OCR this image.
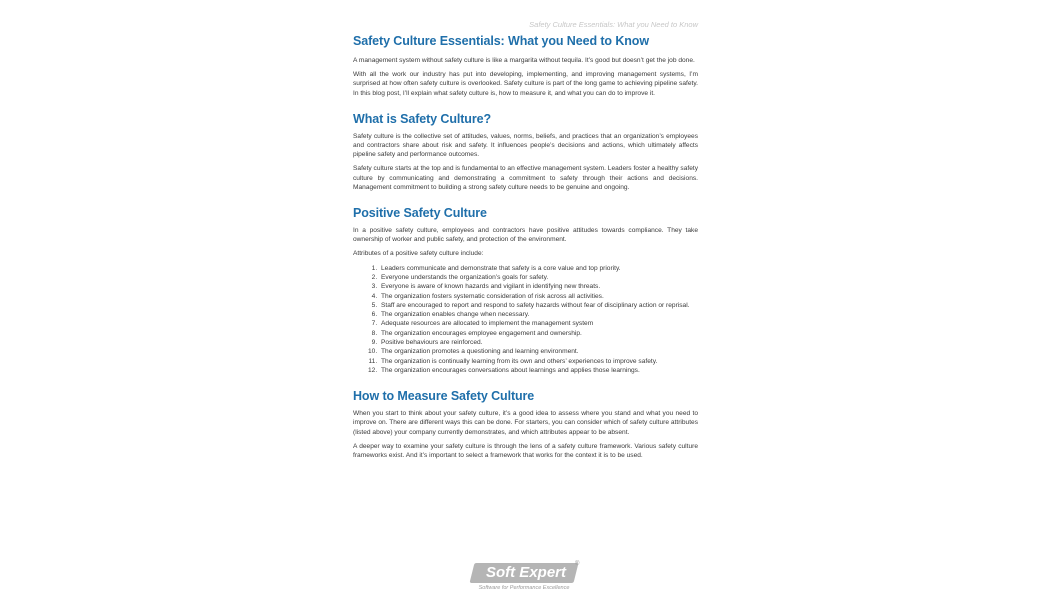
Safety Culture Essentials: What you Need to Know
Safety Culture Essentials: What you Need to Know

A management system without safety culture is like a margarita without tequila. It’s good but doesn’t get the job done.

With all the work our industry has put into developing, implementing, and improving management systems, I’m surprised at how often safety culture is overlooked. Safety culture is part of the long game to achieving pipeline safety. In this blog post, I’ll explain what safety culture is, how to measure it, and what you can do to improve it.

What is Safety Culture?

Safety culture is the collective set of attitudes, values, norms, beliefs, and practices that an organization’s employees and contractors share about risk and safety. It influences people’s decisions and actions, which ultimately affects pipeline safety and performance outcomes.

Safety culture starts at the top and is fundamental to an effective management system. Leaders foster a healthy safety culture by communicating and demonstrating a commitment to safety through their actions and decisions. Management commitment to building a strong safety culture needs to be genuine and ongoing.

Positive Safety Culture

In a positive safety culture, employees and contractors have positive attitudes towards compliance. They take ownership of worker and public safety, and protection of the environment.

Attributes of a positive safety culture include:

1. Leaders communicate and demonstrate that safety is a core value and top priority.
2. Everyone understands the organization’s goals for safety.
3. Everyone is aware of known hazards and vigilant in identifying new threats.
4. The organization fosters systematic consideration of risk across all activities.
5. Staff are encouraged to report and respond to safety hazards without fear of disciplinary action or reprisal.
6. The organization enables change when necessary.
7. Adequate resources are allocated to implement the management system
8. The organization encourages employee engagement and ownership.
9. Positive behaviours are reinforced.
10. The organization promotes a questioning and learning environment.
11. The organization is continually learning from its own and others’ experiences to improve safety.
12. The organization encourages conversations about learnings and applies those learnings.
How to Measure Safety Culture

When you start to think about your safety culture, it’s a good idea to assess where you stand and what you need to improve on. There are different ways this can be done. For starters, you can consider which of safety culture attributes (listed above) your company currently demonstrates, and which attributes appear to be absent.

A deeper way to examine your safety culture is through the lens of a safety culture framework. Various safety culture frameworks exist. And it’s important to select a framework that works for the context it is to be used.

Soft Expert	®
Software for Performance Excellence
